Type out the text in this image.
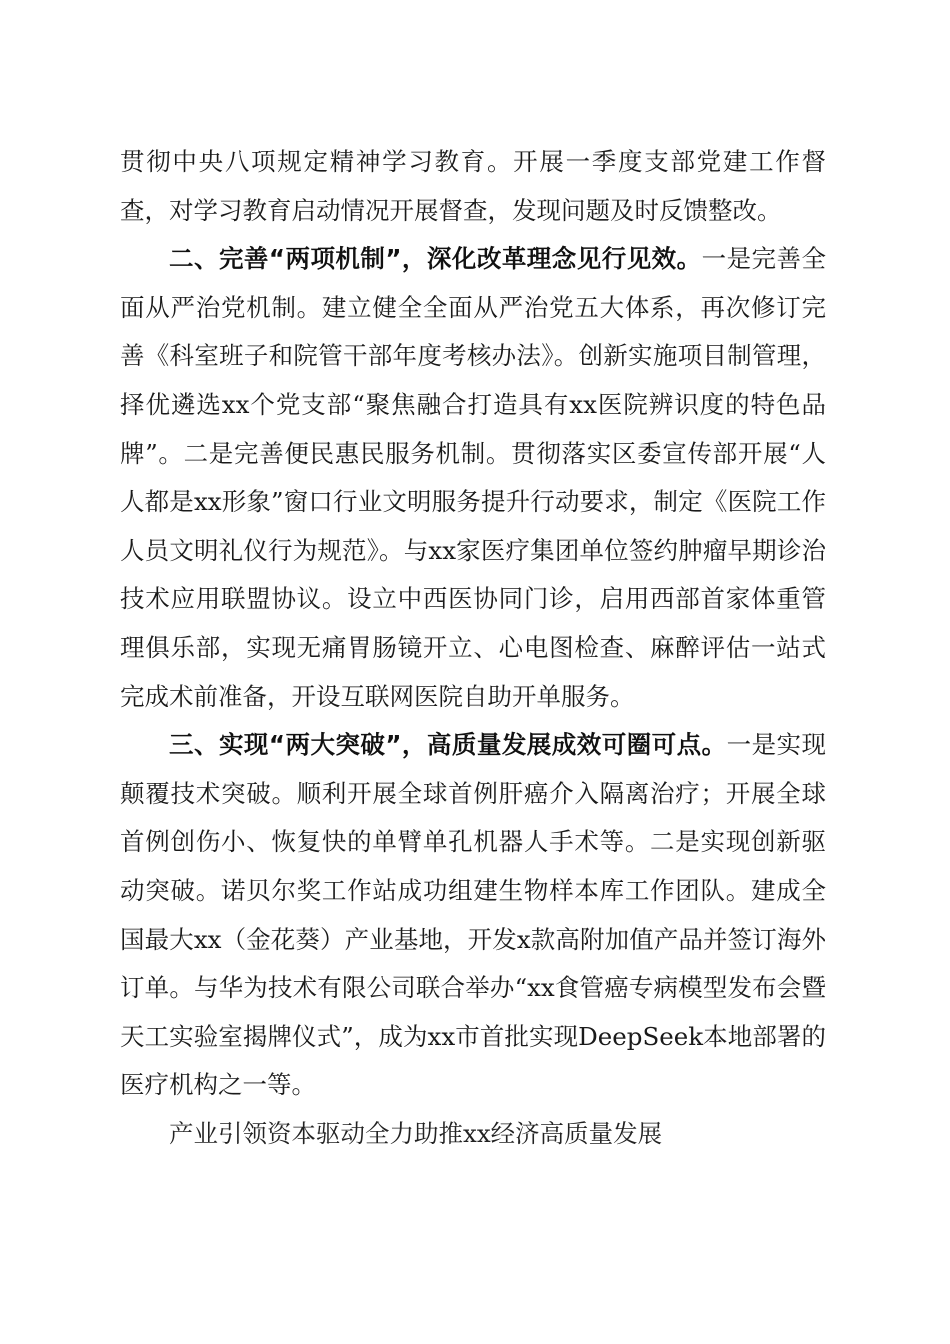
贯彻中央八项规定精神学习教育。开展一季度支部党建工作督查，对学习教育启动情况开展督查，发现问题及时反馈整改。

二、完善“两项机制”，深化改革理念见行见效。一是完善全面从严治党机制。建立健全全面从严治党五大体系，再次修订完善《科室班子和院管干部年度考核办法》。创新实施项目制管理，择优遴选xx个党支部“聚焦融合打造具有xx医院辨识度的特色品牌”。二是完善便民惠民服务机制。贯彻落实区委宣传部开展“人人都是xx形象”窗口行业文明服务提升行动要求，制定《医院工作人员文明礼仪行为规范》。与xx家医疗集团单位签约肿瘤早期诊治技术应用联盟协议。设立中西医协同门诊，启用西部首家体重管理俱乐部，实现无痛胃肠镜开立、心电图检查、麻醉评估一站式完成术前准备，开设互联网医院自助开单服务。

三、实现“两大突破”，高质量发展成效可圈可点。一是实现颠覆技术突破。顺利开展全球首例肝癌介入隔离治疗；开展全球首例创伤小、恢复快的单臂单孔机器人手术等。二是实现创新驱动突破。诺贝尔奖工作站成功组建生物样本库工作团队。建成全国最大xx（金花葵）产业基地，开发x款高附加值产品并签订海外订单。与华为技术有限公司联合举办“xx食管癌专病模型发布会暨天工实验室揭牌仪式”，成为xx市首批实现DeepSeek本地部署的医疗机构之一等。

产业引领资本驱动全力助推xx经济高质量发展
